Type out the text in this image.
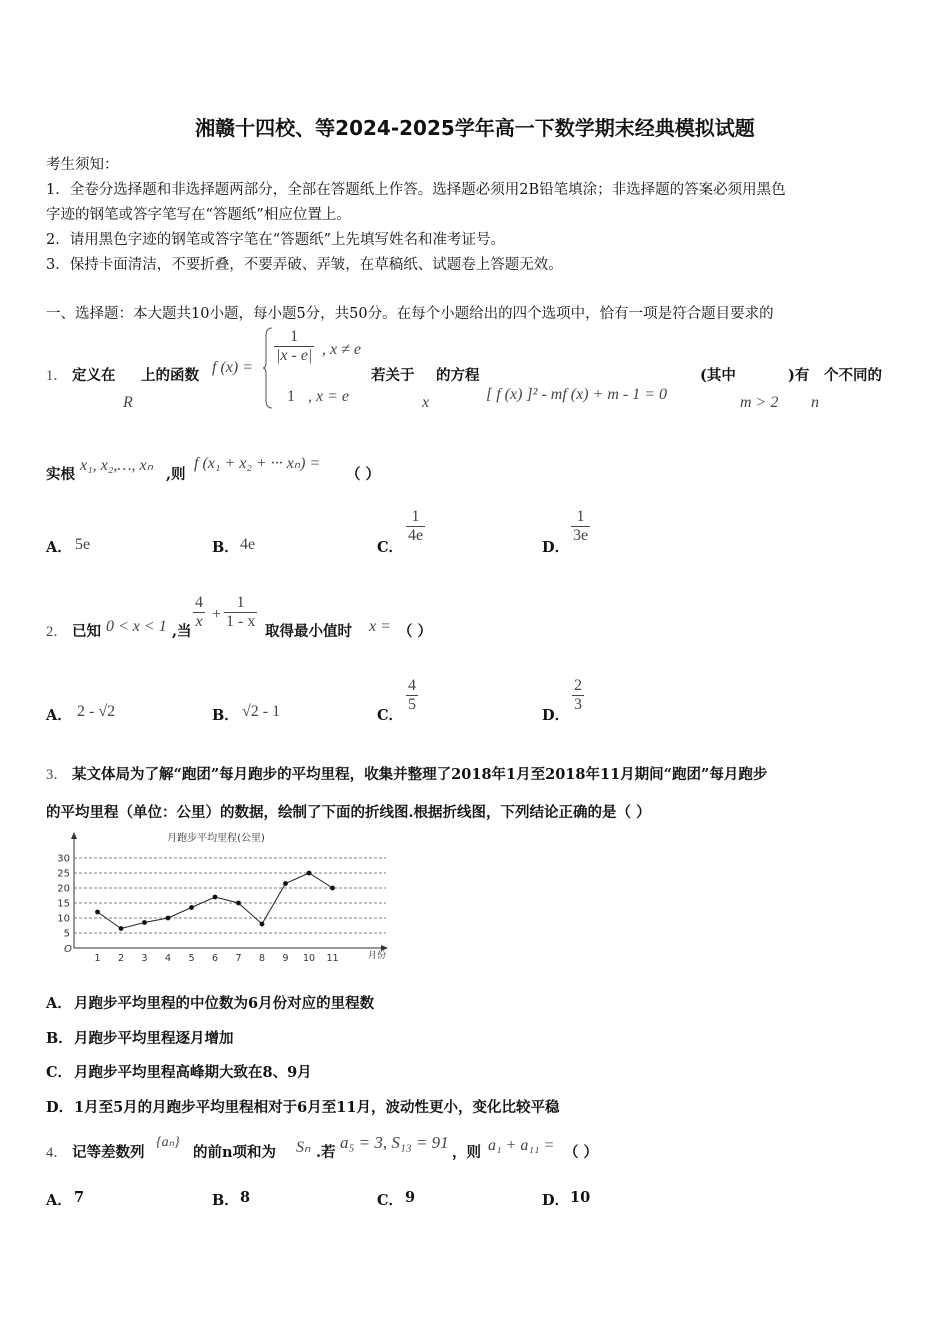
湘赣十四校、等2024-2025学年高一下数学期末经典模拟试题
考生须知：
1．全卷分选择题和非选择题两部分，全部在答题纸上作答。选择题必须用2B铅笔填涂；非选择题的答案必须用黑色
字迹的钢笔或答字笔写在“答题纸”相应位置上。
2．请用黑色字迹的钢笔或答字笔在“答题纸”上先填写姓名和准考证号。
3．保持卡面清洁，不要折叠，不要弄破、弄皱，在草稿纸、试题卷上答题无效。
一、选择题：本大题共10小题，每小题5分，共50分。在每个小题给出的四个选项中，恰有一项是符合题目要求的
1． 定义在
R
上的函数 f (x) =
$\frac{1}{|x - e|}$ , x ≠ e
1 , x = e
若关于
x
的方程
[ f (x) ]² - mf (x) + m - 1 = 0
(其中
m > 2
)有
n
个不同的
实根
x₁, x₂,…, xₙ
,则
f (x₁ + x₂ + ··· xₙ) =
（ ）
A． 5e	B． 4e	C．
$\frac{1}{4e}$
D．
$\frac{1}{3e}$
2． 已知 0 < x < 1 ,当
$\frac{4}{x} + \frac{1}{1 - x}$
取得最小值时 x = （ ）
A． 2 - √2	B． √2 - 1	C．
$\frac{4}{5}$
D．
$\frac{2}{3}$
3． 某文体局为了解“跑团”每月跑步的平均里程，收集并整理了2018年1月至2018年11月期间“跑团”每月跑步
的平均里程（单位：公里）的数据，绘制了下面的折线图.根据折线图，下列结论正确的是（ ）
月跑步平均里程(公里)
O
月份
5
10
15
20
25
30
1 2 3 4 5 6 7 8 9 10 11
A． 月跑步平均里程的中位数为6月份对应的里程数
B． 月跑步平均里程逐月增加
C． 月跑步平均里程高峰期大致在8、9月
D． 1月至5月的月跑步平均里程相对于6月至11月，波动性更小，变化比较平稳
4． 记等差数列
{aₙ}
的前n项和为 Sₙ .若
a₅ = 3, S₁₃ = 91
，则 a₁ + a₁₁ = （ ）
A． 7	B． 8	C． 9	D． 10
